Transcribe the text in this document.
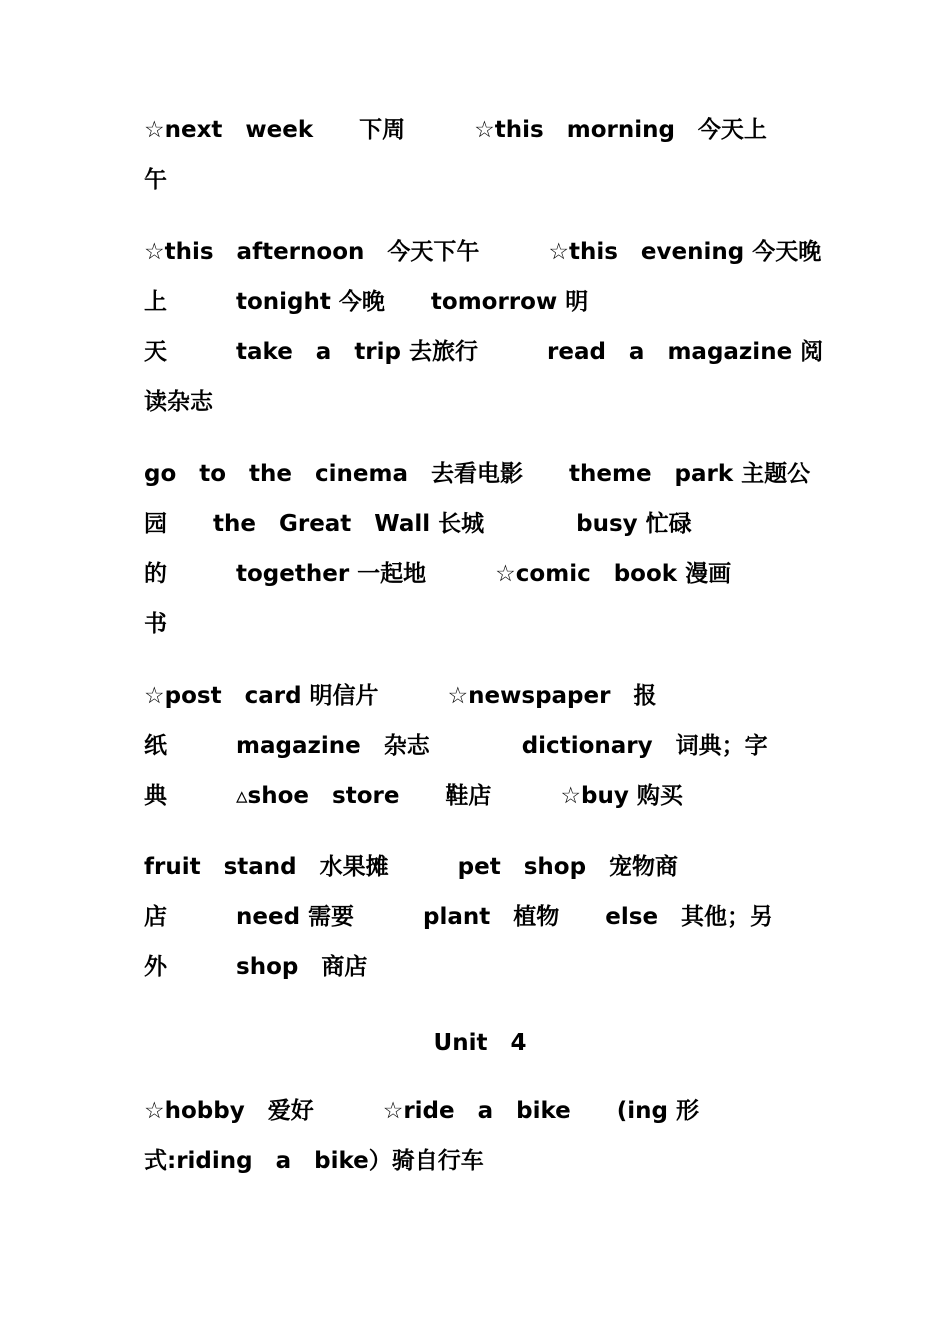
☆next　week　　下周　　　☆this　morning　今天上

午

☆this　afternoon　今天下午　　　☆this　evening 今天晚

上　　　tonight 今晚　　tomorrow 明

天　　　take　a　trip 去旅行　　　read　a　magazine 阅

读杂志

go　to　the　cinema　去看电影　　theme　park 主题公

园　　the　Great　Wall 长城　　　　busy 忙碌

的　　　together 一起地　　　☆comic　book 漫画

书

☆post　card 明信片　　　☆newspaper　报

纸　　　magazine　杂志　　　　dictionary　词典；字

典　　　▵shoe　store　　鞋店　　　☆buy 购买

fruit　stand　水果摊　　　pet　shop　宠物商

店　　　need 需要　　　plant　植物　　else　其他；另

外　　　shop　商店

Unit　4

☆hobby　爱好　　　☆ride　a　bike　　(ing 形

式:riding　a　bike）骑自行车
